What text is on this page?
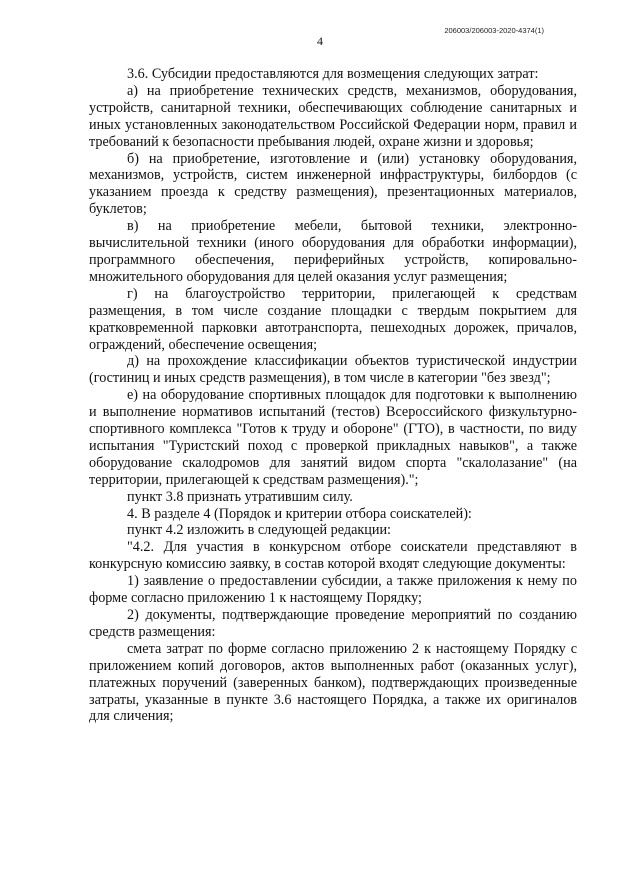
206003/206003-2020-4374(1)
4

3.6. Субсидии предоставляются для возмещения следующих затрат:

а) на приобретение технических средств, механизмов, оборудования, устройств, санитарной техники, обеспечивающих соблюдение санитарных и иных установленных законодательством Российской Федерации норм, правил и требований к безопасности пребывания людей, охране жизни и здоровья;

б) на приобретение, изготовление и (или) установку оборудования, механизмов, устройств, систем инженерной инфраструктуры, билбордов (с указанием проезда к средству размещения), презентационных материалов, буклетов;

в) на приобретение мебели, бытовой техники, электронно-вычислительной техники (иного оборудования для обработки информации), программного обеспечения, периферийных устройств, копировально-множительного оборудования для целей оказания услуг размещения;

г) на благоустройство территории, прилегающей к средствам размещения, в том числе создание площадки с твердым покрытием для кратковременной парковки автотранспорта, пешеходных дорожек, причалов, ограждений, обеспечение освещения;

д) на прохождение классификации объектов туристической индустрии (гостиниц и иных средств размещения), в том числе в категории "без звезд";

е) на оборудование спортивных площадок для подготовки к выполнению и выполнение нормативов испытаний (тестов) Всероссийского физкультурно-спортивного комплекса "Готов к труду и обороне" (ГТО), в частности, по виду испытания "Туристский поход с проверкой прикладных навыков", а также оборудование скалодромов для занятий видом спорта "скалолазание" (на территории, прилегающей к средствам размещения).";

пункт 3.8 признать утратившим силу.

4. В разделе 4 (Порядок и критерии отбора соискателей):

пункт 4.2 изложить в следующей редакции:

"4.2. Для участия в конкурсном отборе соискатели представляют в конкурсную комиссию заявку, в состав которой входят следующие документы:

1) заявление о предоставлении субсидии, а также приложения к нему по форме согласно приложению 1 к настоящему Порядку;

2) документы, подтверждающие проведение мероприятий по созданию средств размещения:

смета затрат по форме согласно приложению 2 к настоящему Порядку с приложением копий договоров, актов выполненных работ (оказанных услуг), платежных поручений (заверенных банком), подтверждающих произведенные затраты, указанные в пункте 3.6 настоящего Порядка, а также их оригиналов для сличения;
